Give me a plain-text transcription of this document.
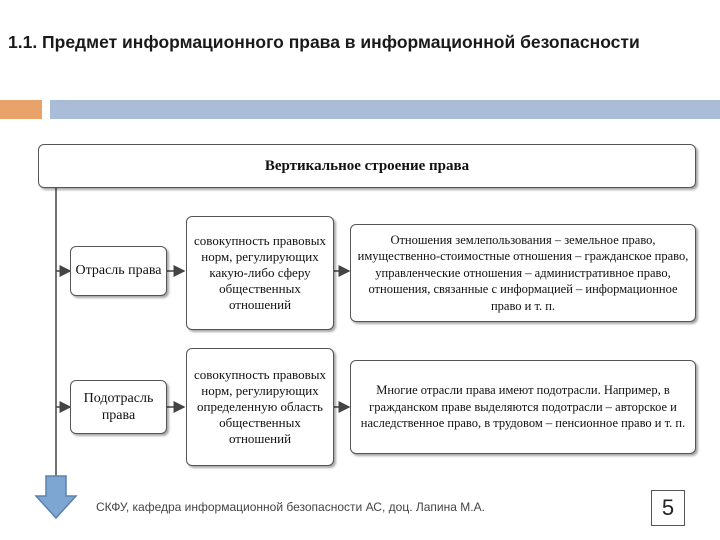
1.1. Предмет информационного права в информационной безопасности
Вертикальное строение права
Отрасль права
совокупность правовых норм, регулирующих какую-либо сферу общественных отношений
Отношения землепользования – земельное право, имущественно-стоимостные отношения – гражданское право, управленческие отношения – административное право, отношения, связанные с информацией – информационное право и т. п.
Подотрасль права
совокупность правовых норм, регулирующих определенную область общественных отношений
Многие отрасли права имеют подотрасли. Например, в гражданском праве выделяются подотрасли – авторское и наследственное право, в трудовом – пенсионное право и т. п.
СКФУ, кафедра информационной безопасности АС, доц. Лапина М.А.	5
